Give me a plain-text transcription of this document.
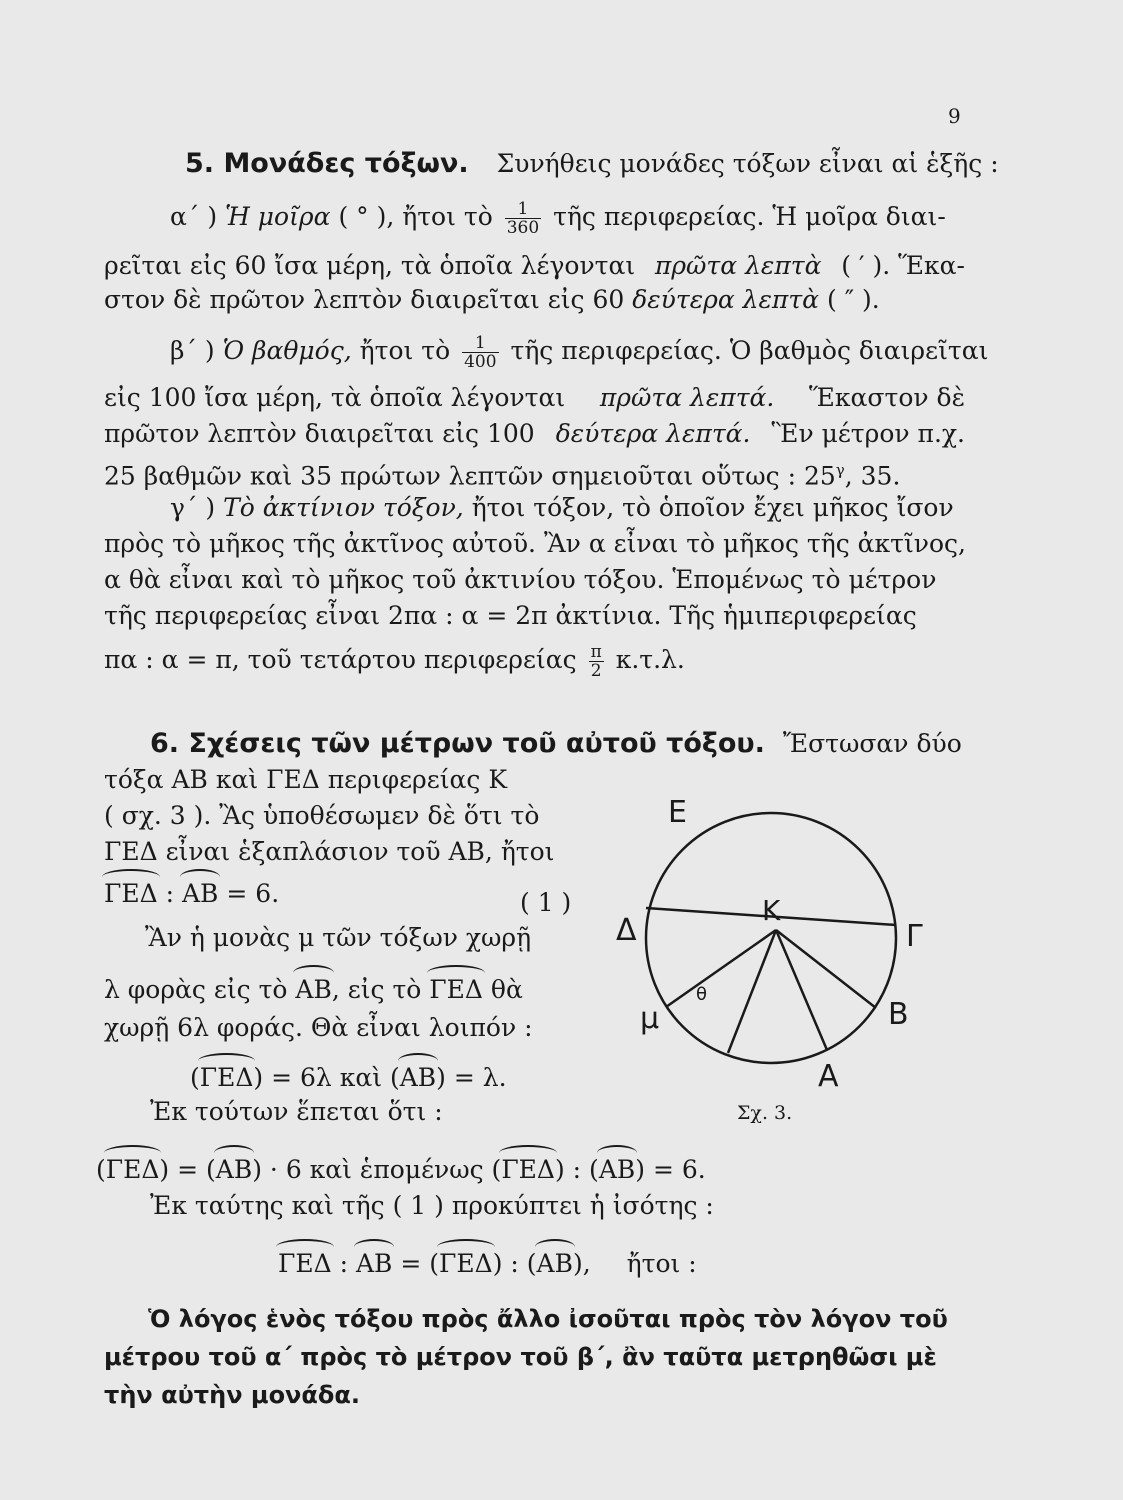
9
5. Μονάδες τόξων. Συνήθεις μονάδες τόξων εἶναι αἱ ἑξῆς :
α΄ ) Ἡ μοῖρα ( ° ), ἤτοι τὸ $\frac{1}{360}$ τῆς περιφερείας. Ἡ μοῖρα διαι-
ρεῖται εἰς 60 ἴσα μέρη, τὰ ὁποῖα λέγονται πρῶτα λεπτὰ ( ′ ). Ἕκα-
στον δὲ πρῶτον λεπτὸν διαιρεῖται εἰς 60 δεύτερα λεπτὰ ( ″ ).
β΄ ) Ὁ βαθμός, ἤτοι τὸ $\frac{1}{400}$ τῆς περιφερείας. Ὁ βαθμὸς διαιρεῖται
εἰς 100 ἴσα μέρη, τὰ ὁποῖα λέγονται πρῶτα λεπτά. Ἕκαστον δὲ
πρῶτον λεπτὸν διαιρεῖται εἰς 100 δεύτερα λεπτά. Ἓν μέτρον π.χ.
25 βαθμῶν καὶ 35 πρώτων λεπτῶν σημειοῦται οὕτως : $25^\gamma$, 35.
γ΄ ) Τὸ ἀκτίνιον τόξον, ἤτοι τόξον, τὸ ὁποῖον ἔχει μῆκος ἴσον
πρὸς τὸ μῆκος τῆς ἀκτῖνος αὐτοῦ. Ἂν α εἶναι τὸ μῆκος τῆς ἀκτῖνος,
α θὰ εἶναι καὶ τὸ μῆκος τοῦ ἀκτινίου τόξου. Ἑπομένως τὸ μέτρον
τῆς περιφερείας εἶναι 2πα : α = 2π ἀκτίνια. Τῆς ἡμιπεριφερείας
πα : α = π, τοῦ τετάρτου περιφερείας $\frac{\pi}{2} \kappa.\tau.\lambda$.
6. Σχέσεις τῶν μέτρων τοῦ αὐτοῦ τόξου. Ἔστωσαν δύο
τόξα ΑΒ καὶ ΓΕΔ περιφερείας Κ
( σχ. 3 ). Ἂς ὑποθέσωμεν δὲ ὅτι τὸ
ΓΕΔ εἶναι ἑξαπλάσιον τοῦ ΑΒ, ἤτοι
ΓΕΔ : ΑΒ = 6.	( 1 )
Ἂν ἡ μονὰς μ τῶν τόξων χωρῇ
λ φορὰς εἰς τὸ ΑΒ, εἰς τὸ ΓΕΔ θὰ
χωρῇ 6λ φοράς. Θὰ εἶναι λοιπόν :
(ΓΕΔ) = 6λ καὶ (ΑΒ) = λ.
Ἐκ τούτων ἕπεται ὅτι :
(ΓΕΔ) = (ΑΒ) · 6 καὶ ἑπομένως (ΓΕΔ) : (ΑΒ) = 6.
Ἐκ ταύτης καὶ τῆς ( 1 ) προκύπτει ἡ ἰσότης :
ΓΕΔ : ΑΒ = (ΓΕΔ) : (ΑΒ), ἤτοι :
Ὁ λόγος ἑνὸς τόξου πρὸς ἄλλο ἰσοῦται πρὸς τὸν λόγον τοῦ
μέτρου τοῦ α΄ πρὸς τὸ μέτρον τοῦ β΄, ἂν ταῦτα μετρηθῶσι μὲ
τὴν αὐτὴν μονάδα.
Ε
Κ
Δ	Γ
μ
θ
Β
Α
Σχ. 3.
